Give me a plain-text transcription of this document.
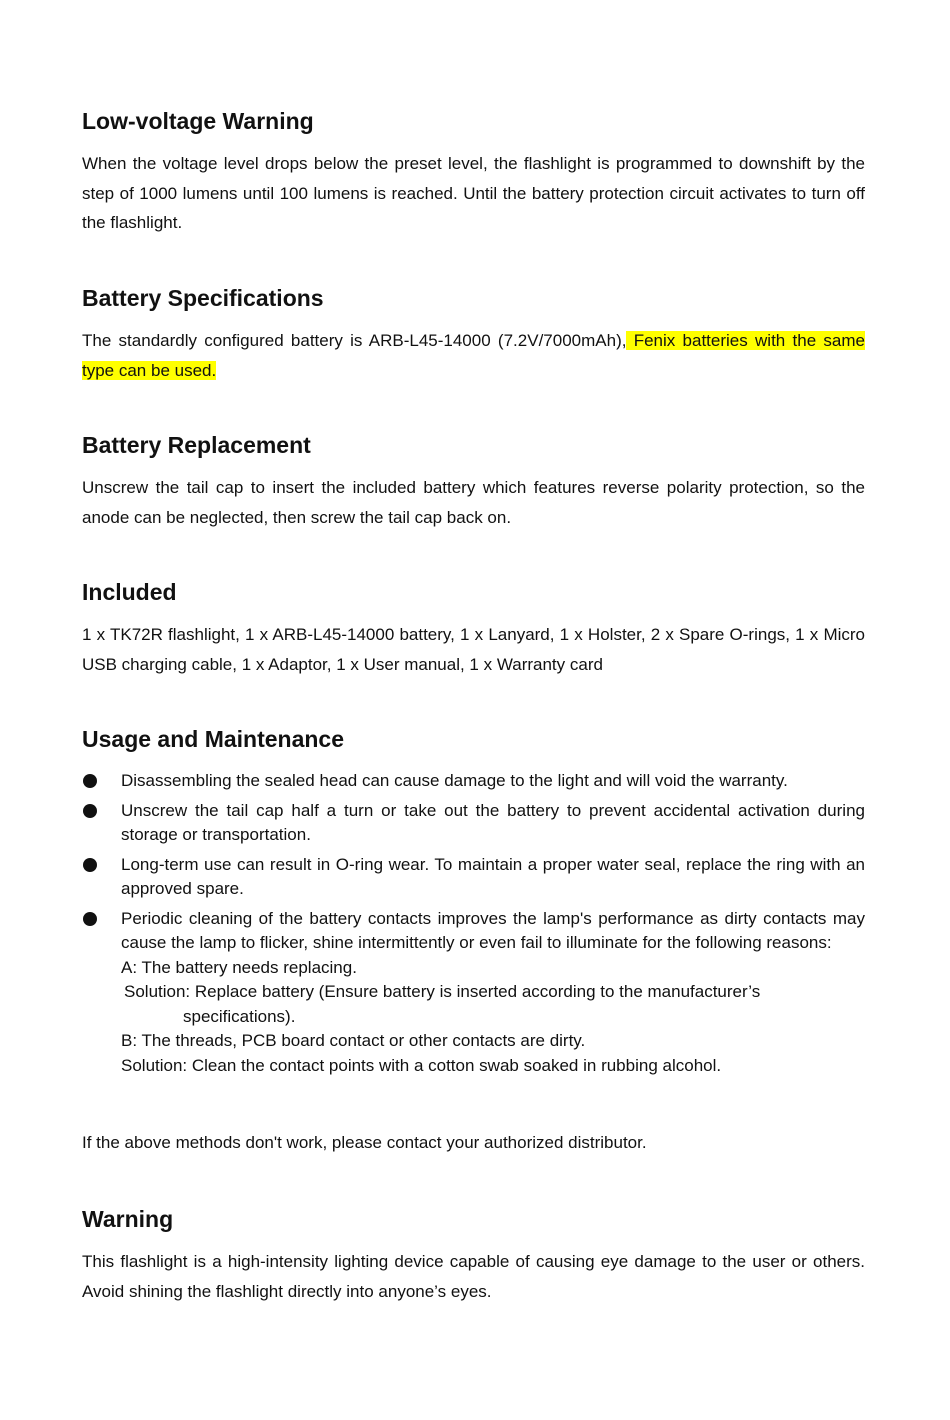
Low-voltage Warning

When the voltage level drops below the preset level, the flashlight is programmed to downshift by the step of 1000 lumens until 100 lumens is reached. Until the battery protection circuit activates to turn off the flashlight.

Battery Specifications

The standardly configured battery is ARB-L45-14000 (7.2V/7000mAh), Fenix batteries with the same type can be used.

Battery Replacement

Unscrew the tail cap to insert the included battery which features reverse polarity protection, so the anode can be neglected, then screw the tail cap back on.

Included

1 x TK72R flashlight, 1 x ARB-L45-14000 battery, 1 x Lanyard, 1 x Holster, 2 x Spare O-rings, 1 x Micro USB charging cable, 1 x Adaptor, 1 x User manual, 1 x Warranty card

Usage and Maintenance
Disassembling the sealed head can cause damage to the light and will void the warranty.
Unscrew the tail cap half a turn or take out the battery to prevent accidental activation during storage or transportation.
Long-term use can result in O-ring wear. To maintain a proper water seal, replace the ring with an approved spare.
Periodic cleaning of the battery contacts improves the lamp's performance as dirty contacts may cause the lamp to flicker, shine intermittently or even fail to illuminate for the following reasons:
A: The battery needs replacing.
Solution: Replace battery (Ensure battery is inserted according to the manufacturer’s
specifications).
B: The threads, PCB board contact or other contacts are dirty.
Solution: Clean the contact points with a cotton swab soaked in rubbing alcohol.

If the above methods don't work, please contact your authorized distributor.

Warning

This flashlight is a high-intensity lighting device capable of causing eye damage to the user or others. Avoid shining the flashlight directly into anyone’s eyes.
